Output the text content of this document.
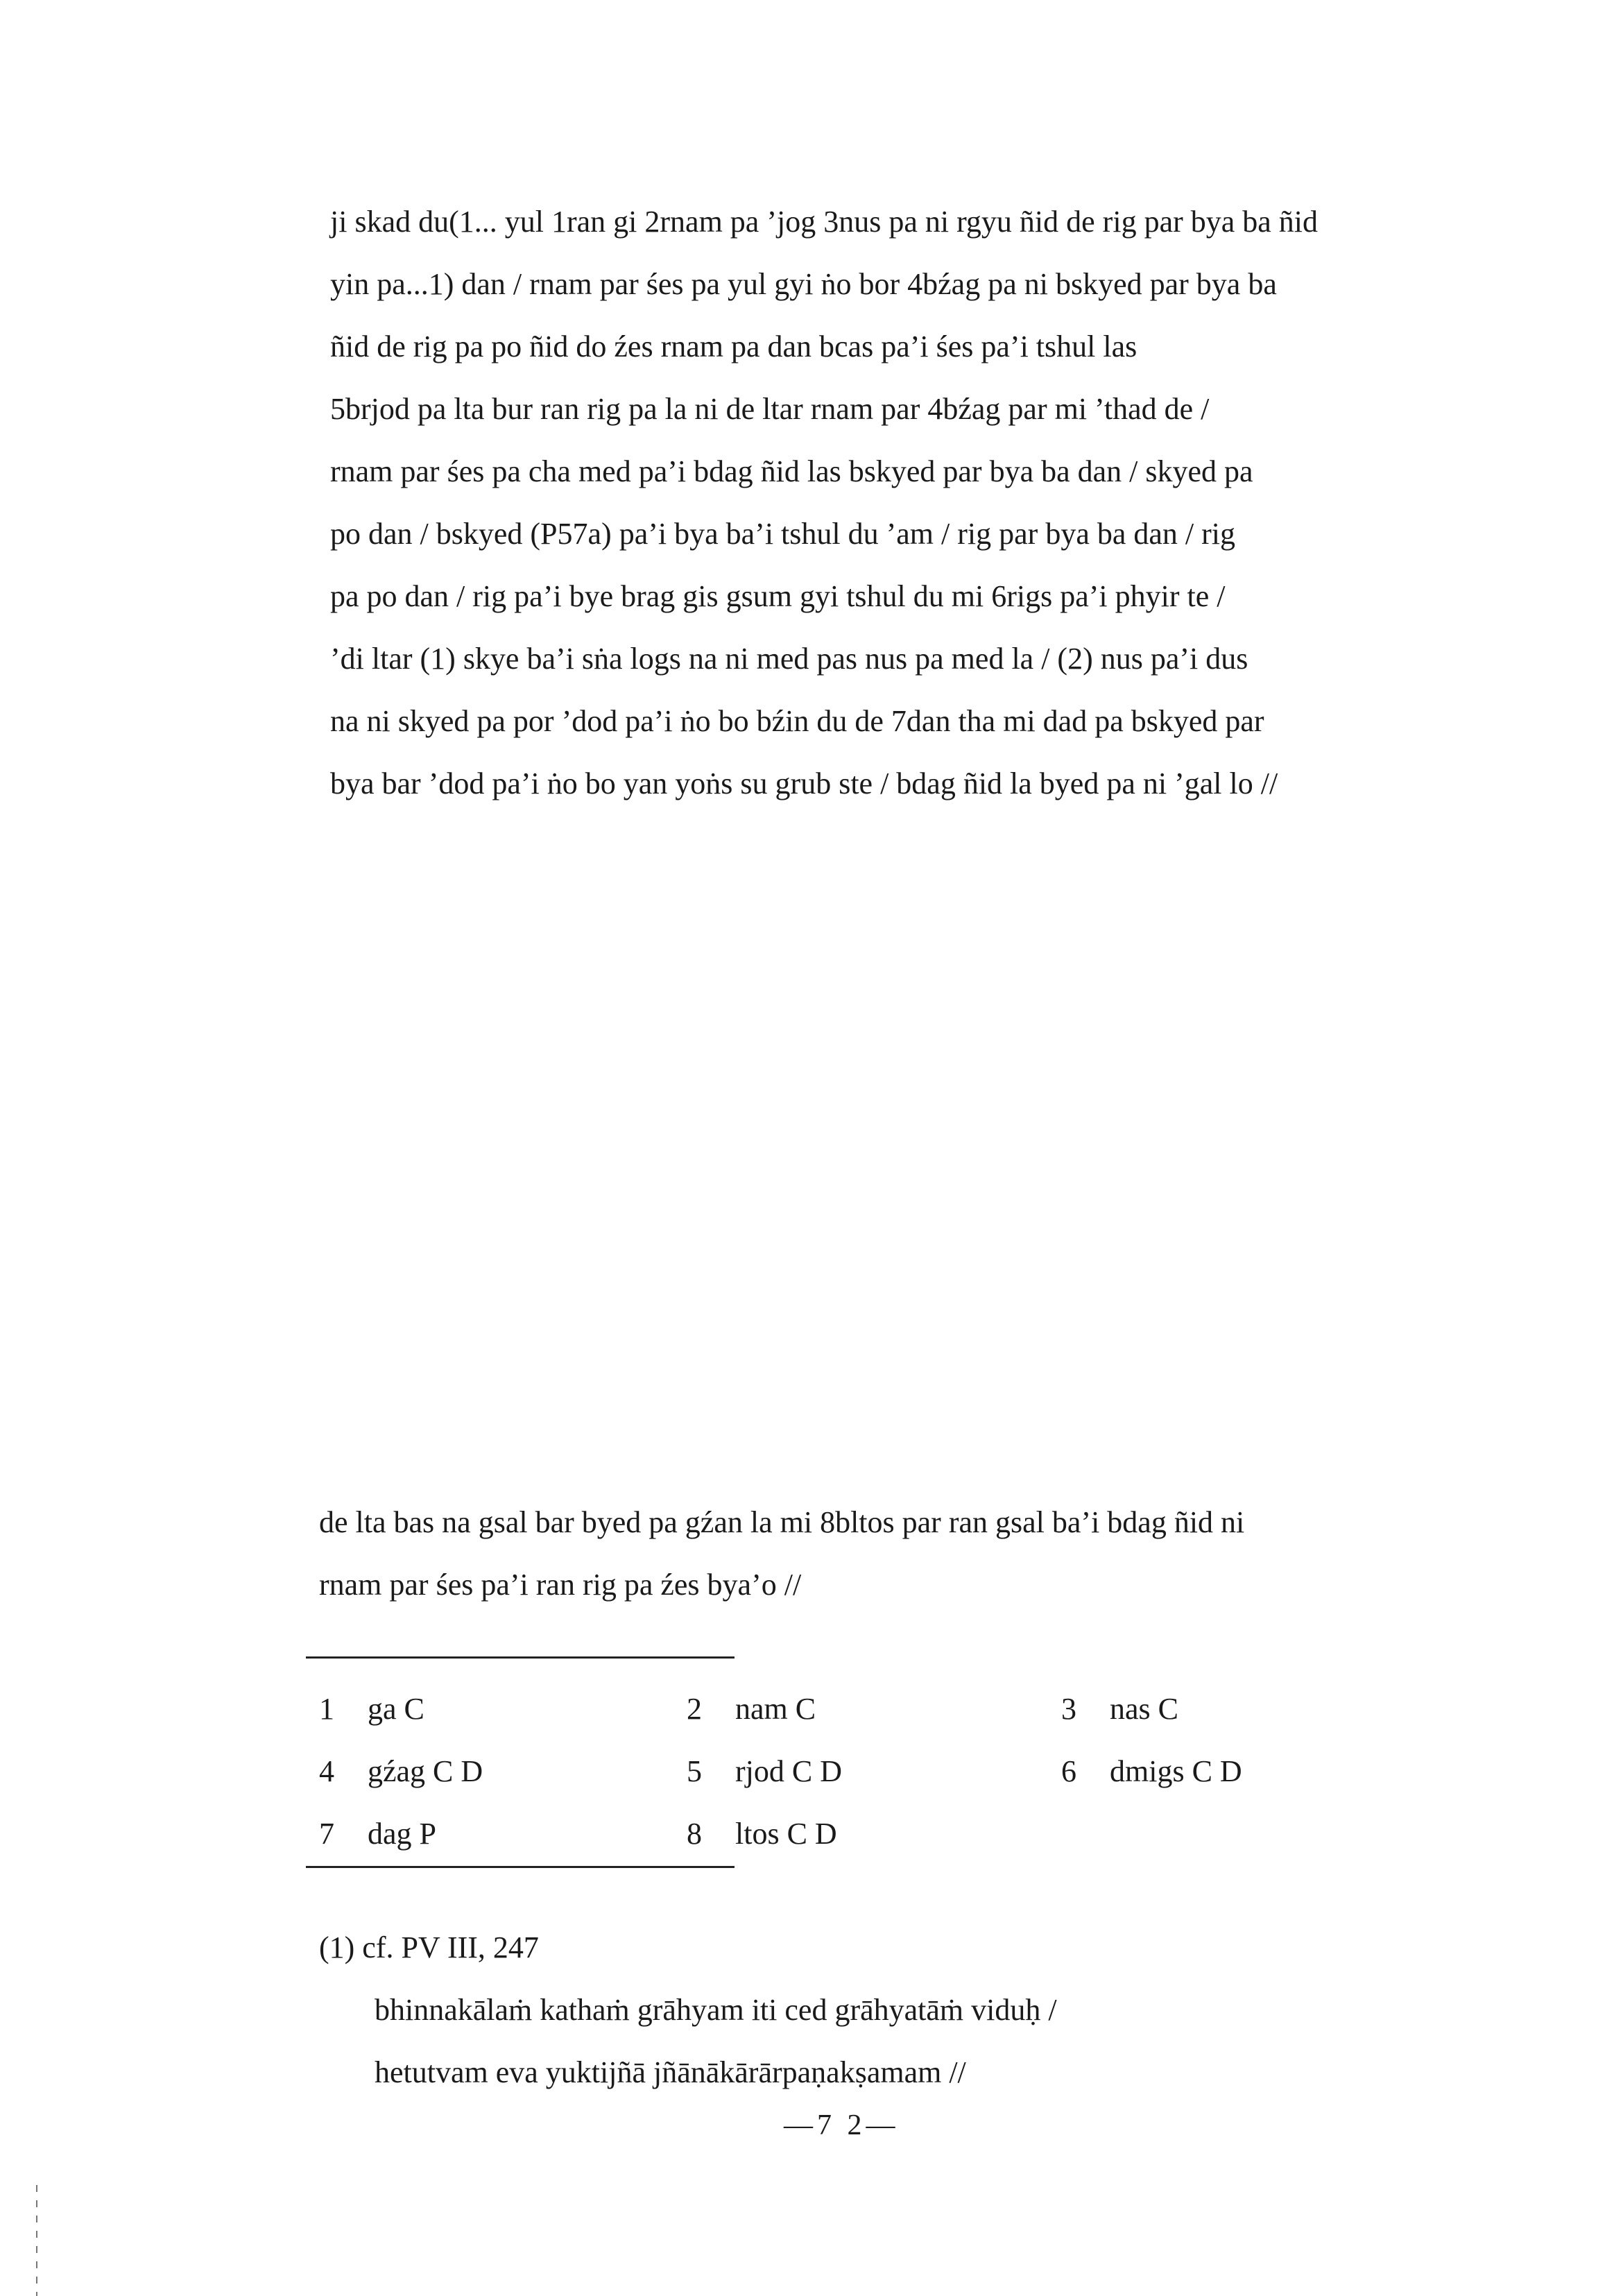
ji skad du(1... yul 1ran gi 2rnam pa ’jog 3nus pa ni rgyu ñid de rig par bya ba ñid
yin pa...1) dan / rnam par śes pa yul gyi ṅo bor 4bźag pa ni bskyed par bya ba
ñid de rig pa po ñid do źes rnam pa dan bcas pa’i śes pa’i tshul las
5brjod pa lta bur ran rig pa la ni de ltar rnam par 4bźag par mi ’thad de /
rnam par śes pa cha med pa’i bdag ñid las bskyed par bya ba dan / skyed pa
po dan / bskyed (P57a) pa’i bya ba’i tshul du ’am / rig par bya ba dan / rig
pa po dan / rig pa’i bye brag gis gsum gyi tshul du mi 6rigs pa’i phyir te /
’di ltar (1) skye ba’i sṅa logs na ni med pas nus pa med la / (2) nus pa’i dus
na ni skyed pa por ’dod pa’i ṅo bo bźin du de 7dan tha mi dad pa bskyed par
bya bar ’dod pa’i ṅo bo yan yoṅs su grub ste / bdag ñid la byed pa ni ’gal lo //
de lta bas na gsal bar byed pa gźan la mi 8bltos par ran gsal ba’i bdag ñid ni
rnam par śes pa’i ran rig pa źes bya’o //
1 ga C	2 nam C	3 nas C
4 gźag C D	5 rjod C D	6 dmigs C D
7 dag P	8 ltos C D
(1) cf. PV III, 247
bhinnakālaṁ kathaṁ grāhyam iti ced grāhyatāṁ viduḥ /
hetutvam eva yuktijñā jñānākārārpaṇakṣamam //
—7 2—
